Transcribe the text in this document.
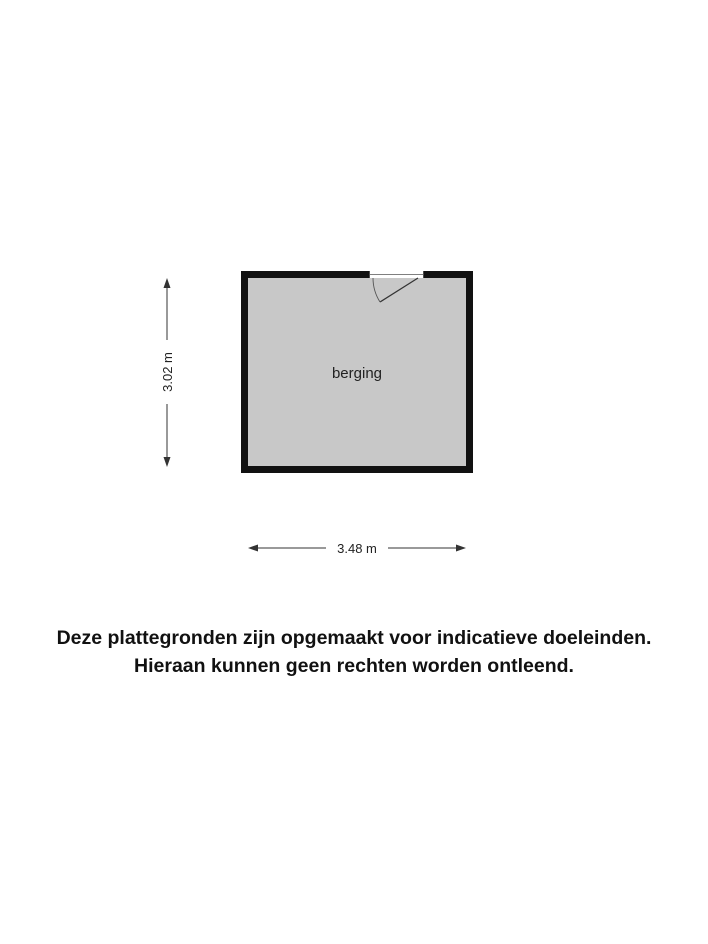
berging
3.02 m
3.48 m
Deze plattegronden zijn opgemaakt voor indicatieve doeleinden.
Hieraan kunnen geen rechten worden ontleend.
